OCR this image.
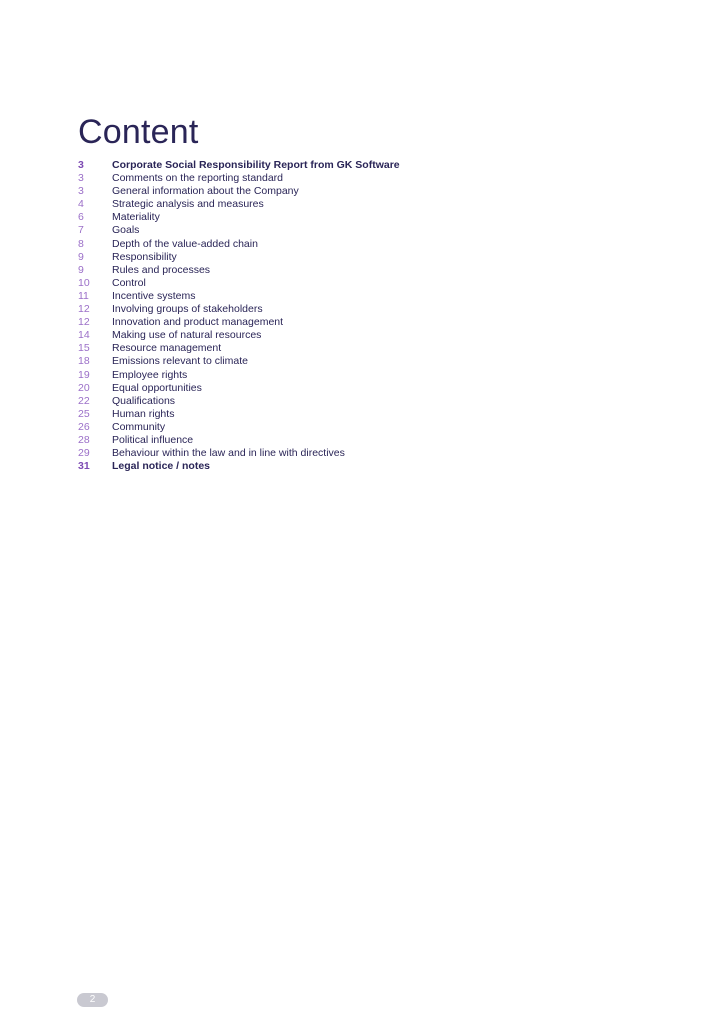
Content
3	Corporate Social Responsibility Report from GK Software
3	Comments on the reporting standard
3	General information about the Company
4	Strategic analysis and measures
6	Materiality
7	Goals
8	Depth of the value-added chain
9	Responsibility
9	Rules and processes
10	Control
11	Incentive systems
12	Involving groups of stakeholders
12	Innovation and product management
14	Making use of natural resources
15	Resource management
18	Emissions relevant to climate
19	Employee rights
20	Equal opportunities
22	Qualifications
25	Human rights
26	Community
28	Political influence
29	Behaviour within the law and in line with directives
31	Legal notice / notes
2
